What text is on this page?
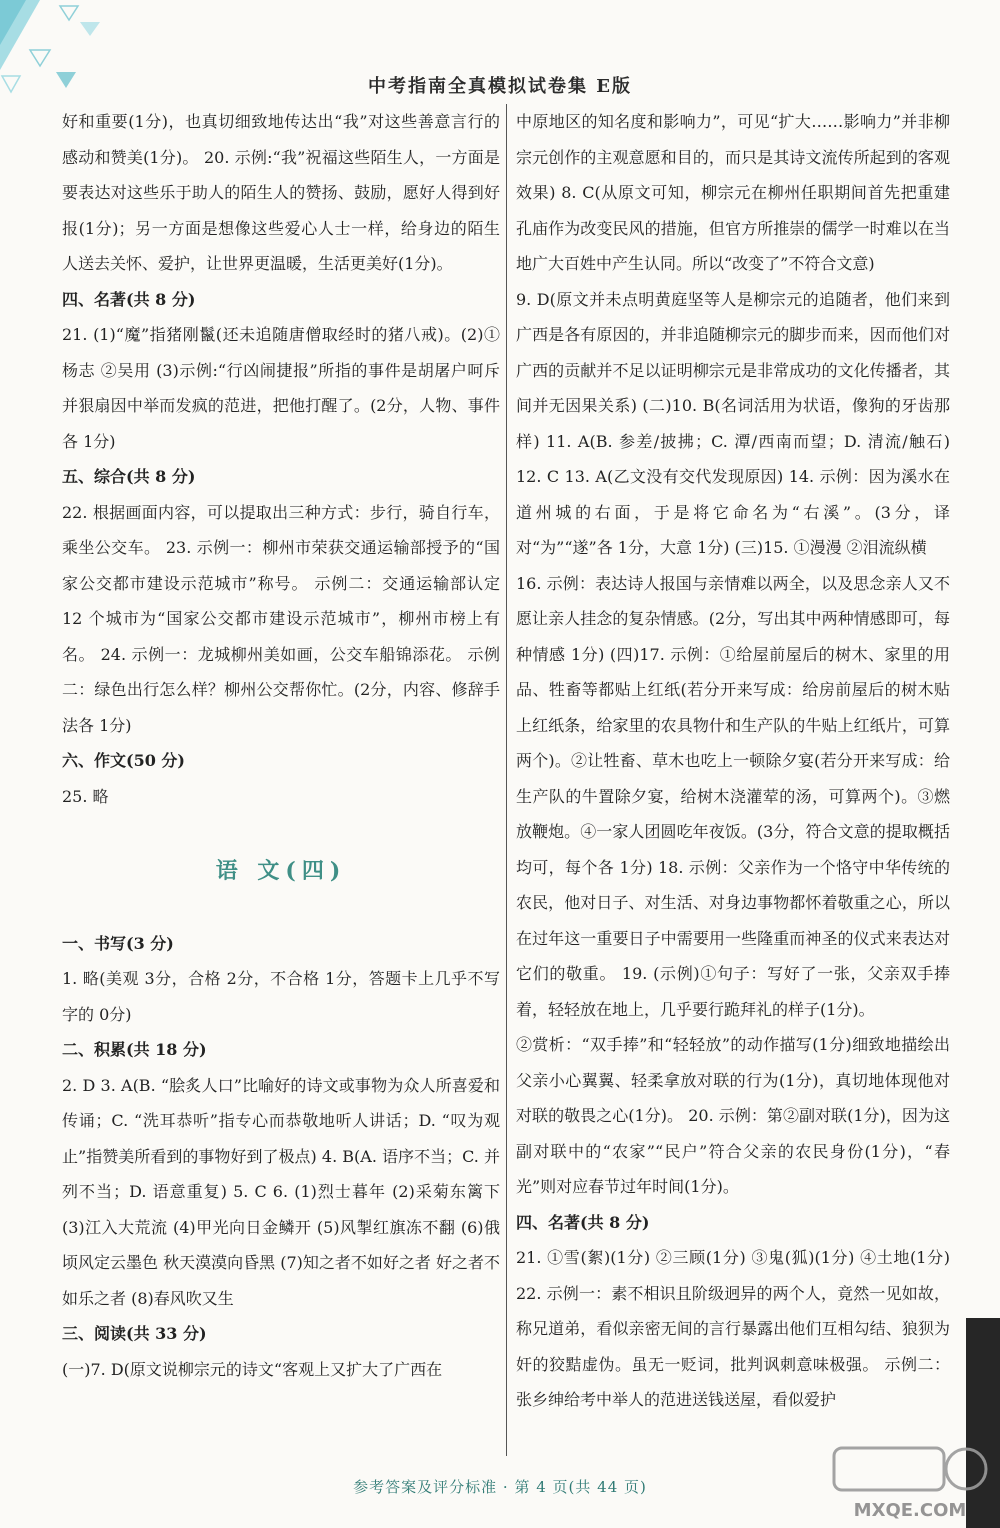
中考指南全真模拟试卷集 E版

好和重要(1分)，也真切细致地传达出“我”对这些善意言行的感动和赞美(1分)。 20. 示例:“我”祝福这些陌生人，一方面是要表达对这些乐于助人的陌生人的赞扬、鼓励，愿好人得到好报(1分)；另一方面是想像这些爱心人士一样，给身边的陌生人送去关怀、爱护，让世界更温暖，生活更美好(1分)。

四、名著(共 8 分)

21. (1)“魔”指猪刚鬣(还未追随唐僧取经时的猪八戒)。(2)①杨志 ②吴用 (3)示例:“行凶闹捷报”所指的事件是胡屠户呵斥并狠扇因中举而发疯的范进，把他打醒了。(2分，人物、事件各 1分)

五、综合(共 8 分)

22. 根据画面内容，可以提取出三种方式：步行，骑自行车，乘坐公交车。 23. 示例一：柳州市荣获交通运输部授予的“国家公交都市建设示范城市”称号。 示例二：交通运输部认定 12 个城市为“国家公交都市建设示范城市”，柳州市榜上有名。 24. 示例一：龙城柳州美如画，公交车船锦添花。 示例二：绿色出行怎么样？柳州公交帮你忙。(2分，内容、修辞手法各 1分)

六、作文(50 分)

25. 略

语 文(四)

一、书写(3 分)

1. 略(美观 3分，合格 2分，不合格 1分，答题卡上几乎不写字的 0分)

二、积累(共 18 分)

2. D 3. A(B. “脍炙人口”比喻好的诗文或事物为众人所喜爱和传诵；C. “洗耳恭听”指专心而恭敬地听人讲话；D. “叹为观止”指赞美所看到的事物好到了极点) 4. B(A. 语序不当；C. 并列不当；D. 语意重复) 5. C 6. (1)烈士暮年 (2)采菊东篱下 (3)江入大荒流 (4)甲光向日金鳞开 (5)风掣红旗冻不翻 (6)俄顷风定云墨色 秋天漠漠向昏黑 (7)知之者不如好之者 好之者不如乐之者 (8)春风吹又生

三、阅读(共 33 分)

(一)7. D(原文说柳宗元的诗文“客观上又扩大了广西在

中原地区的知名度和影响力”，可见“扩大……影响力”并非柳宗元创作的主观意愿和目的，而只是其诗文流传所起到的客观效果) 8. C(从原文可知，柳宗元在柳州任职期间首先把重建孔庙作为改变民风的措施，但官方所推崇的儒学一时难以在当地广大百姓中产生认同。所以“改变了”不符合文意)

9. D(原文并未点明黄庭坚等人是柳宗元的追随者，他们来到广西是各有原因的，并非追随柳宗元的脚步而来，因而他们对广西的贡献并不足以证明柳宗元是非常成功的文化传播者，其间并无因果关系) (二)10. B(名词活用为状语，像狗的牙齿那样) 11. A(B. 参差/披拂；C. 潭/西南而望；D. 清流/触石) 12. C 13. A(乙文没有交代发现原因) 14. 示例：因为溪水在道州城的右面，于是将它命名为“右溪”。(3分，译对“为”“遂”各 1分，大意 1分) (三)15. ①漫漫 ②泪流纵横

16. 示例：表达诗人报国与亲情难以两全，以及思念亲人又不愿让亲人挂念的复杂情感。(2分，写出其中两种情感即可，每种情感 1分) (四)17. 示例：①给屋前屋后的树木、家里的用品、牲畜等都贴上红纸(若分开来写成：给房前屋后的树木贴上红纸条，给家里的农具物什和生产队的牛贴上红纸片，可算两个)。②让牲畜、草木也吃上一顿除夕宴(若分开来写成：给生产队的牛置除夕宴，给树木浇灌荤的汤，可算两个)。③燃放鞭炮。④一家人团圆吃年夜饭。(3分，符合文意的提取概括均可，每个各 1分) 18. 示例：父亲作为一个恪守中华传统的农民，他对日子、对生活、对身边事物都怀着敬重之心，所以在过年这一重要日子中需要用一些隆重而神圣的仪式来表达对它们的敬重。 19. (示例)①句子：写好了一张，父亲双手捧着，轻轻放在地上，几乎要行跪拜礼的样子(1分)。

②赏析：“双手捧”和“轻轻放”的动作描写(1分)细致地描绘出父亲小心翼翼、轻柔拿放对联的行为(1分)，真切地体现他对对联的敬畏之心(1分)。 20. 示例：第②副对联(1分)，因为这副对联中的“农家”“民户”符合父亲的农民身份(1分)，“春光”则对应春节过年时间(1分)。

四、名著(共 8 分)

21. ①雪(絮)(1分) ②三顾(1分) ③鬼(狐)(1分) ④土地(1分) 22. 示例一：素不相识且阶级迥异的两个人，竟然一见如故，称兄道弟，看似亲密无间的言行暴露出他们互相勾结、狼狈为奸的狡黠虚伪。虽无一贬词，批判讽刺意味极强。 示例二：张乡绅给考中举人的范进送钱送屋，看似爱护

参考答案及评分标准 · 第 4 页(共 44 页)
MXQE.COM
